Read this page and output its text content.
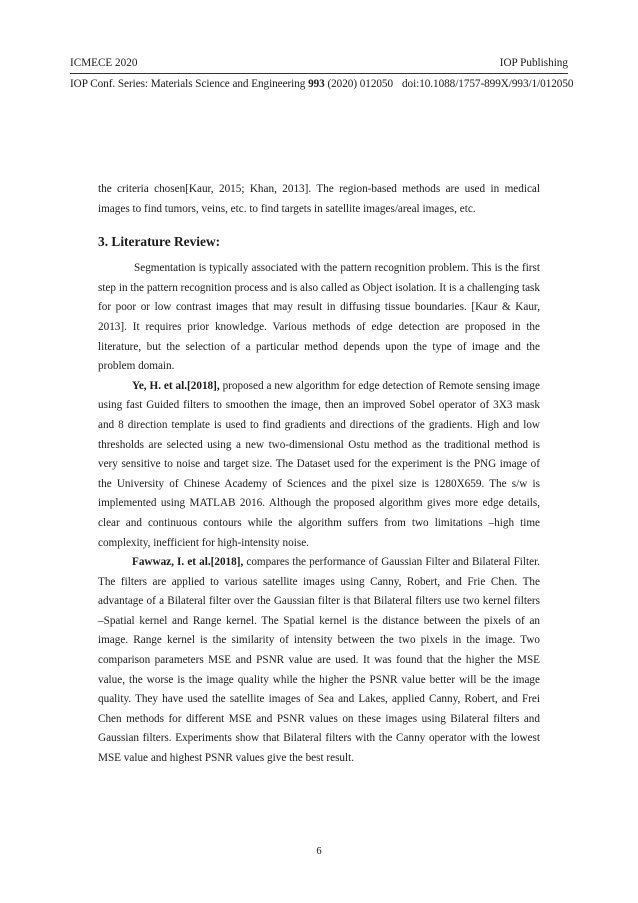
ICMECE 2020	IOP Publishing
IOP Conf. Series: Materials Science and Engineering 993 (2020) 012050 doi:10.1088/1757-899X/993/1/012050

the criteria chosen[Kaur, 2015; Khan, 2013]. The region-based methods are used in medical images to find tumors, veins, etc. to find targets in satellite images/areal images, etc.

3. Literature Review:

Segmentation is typically associated with the pattern recognition problem. This is the first step in the pattern recognition process and is also called as Object isolation. It is a challenging task for poor or low contrast images that may result in diffusing tissue boundaries. [Kaur & Kaur, 2013]. It requires prior knowledge. Various methods of edge detection are proposed in the literature, but the selection of a particular method depends upon the type of image and the problem domain.

Ye, H. et al.[2018], proposed a new algorithm for edge detection of Remote sensing image using fast Guided filters to smoothen the image, then an improved Sobel operator of 3X3 mask and 8 direction template is used to find gradients and directions of the gradients. High and low thresholds are selected using a new two-dimensional Ostu method as the traditional method is very sensitive to noise and target size. The Dataset used for the experiment is the PNG image of the University of Chinese Academy of Sciences and the pixel size is 1280X659. The s/w is implemented using MATLAB 2016. Although the proposed algorithm gives more edge details, clear and continuous contours while the algorithm suffers from two limitations –high time complexity, inefficient for high-intensity noise.

Fawwaz, I. et al.[2018], compares the performance of Gaussian Filter and Bilateral Filter. The filters are applied to various satellite images using Canny, Robert, and Frie Chen. The advantage of a Bilateral filter over the Gaussian filter is that Bilateral filters use two kernel filters –Spatial kernel and Range kernel. The Spatial kernel is the distance between the pixels of an image. Range kernel is the similarity of intensity between the two pixels in the image. Two comparison parameters MSE and PSNR value are used. It was found that the higher the MSE value, the worse is the image quality while the higher the PSNR value better will be the image quality. They have used the satellite images of Sea and Lakes, applied Canny, Robert, and Frei Chen methods for different MSE and PSNR values on these images using Bilateral filters and Gaussian filters. Experiments show that Bilateral filters with the Canny operator with the lowest MSE value and highest PSNR values give the best result.

6
